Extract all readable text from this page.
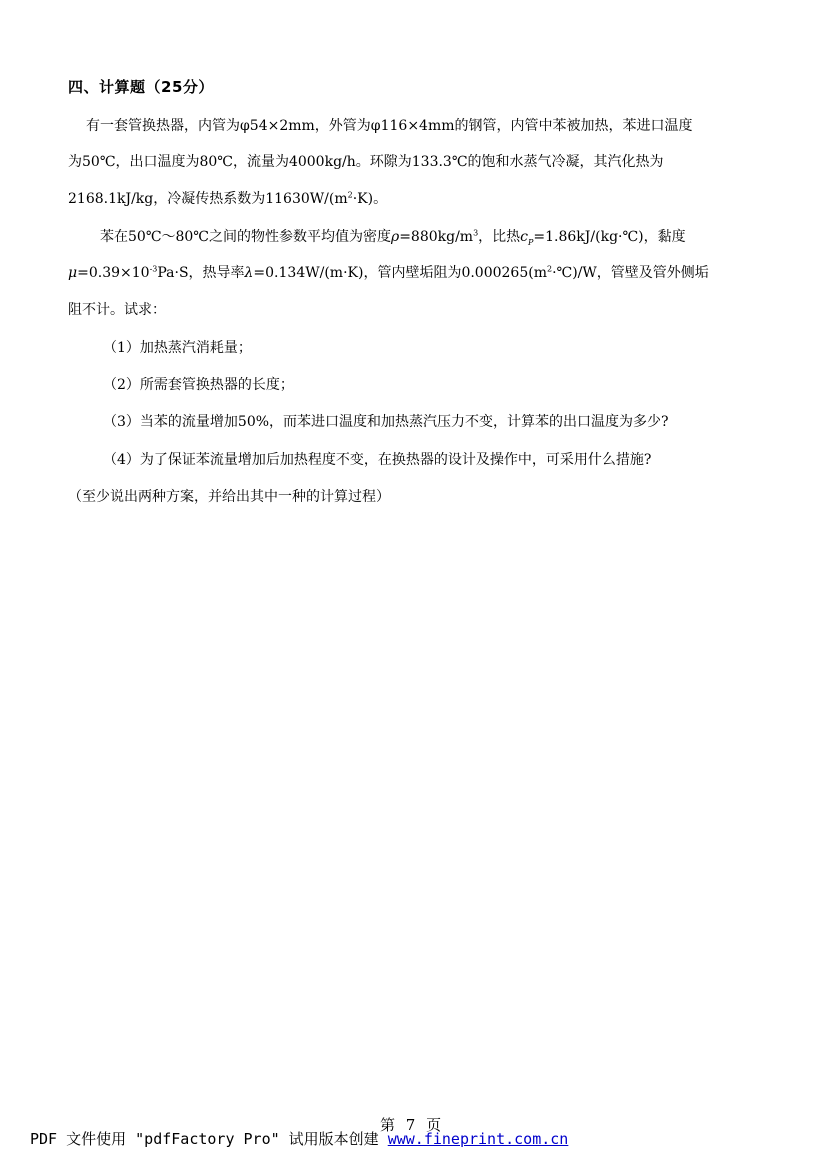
四、计算题（25分）
有一套管换热器，内管为φ54×2mm，外管为φ116×4mm的钢管，内管中苯被加热，苯进口温度
为50℃，出口温度为80℃，流量为4000kg/h。环隙为133.3℃的饱和水蒸气冷凝，其汽化热为
2168.1kJ/kg，冷凝传热系数为$11630W/(m^2\cdot K)$。
苯在50℃～80℃之间的物性参数平均值为密度$\rho=880kg/m^3$，比热$c_P=1.86kJ/(kg\cdot℃)$，黏度
$\mu=0.39\times 10^{-3}Pa\cdot S$，热导率λ=0.134W/(m·K)，管内壁垢阻为$0.000265(m^2\cdot℃)/W$，管壁及管外侧垢
阻不计。试求：
（1）加热蒸汽消耗量；
（2）所需套管换热器的长度；
（3）当苯的流量增加50%，而苯进口温度和加热蒸汽压力不变，计算苯的出口温度为多少?
（4）为了保证苯流量增加后加热程度不变，在换热器的设计及操作中，可采用什么措施?
（至少说出两种方案，并给出其中一种的计算过程）
第 7 页
PDF 文件使用 "pdfFactory Pro" 试用版本创建 www.fineprint.com.cn
